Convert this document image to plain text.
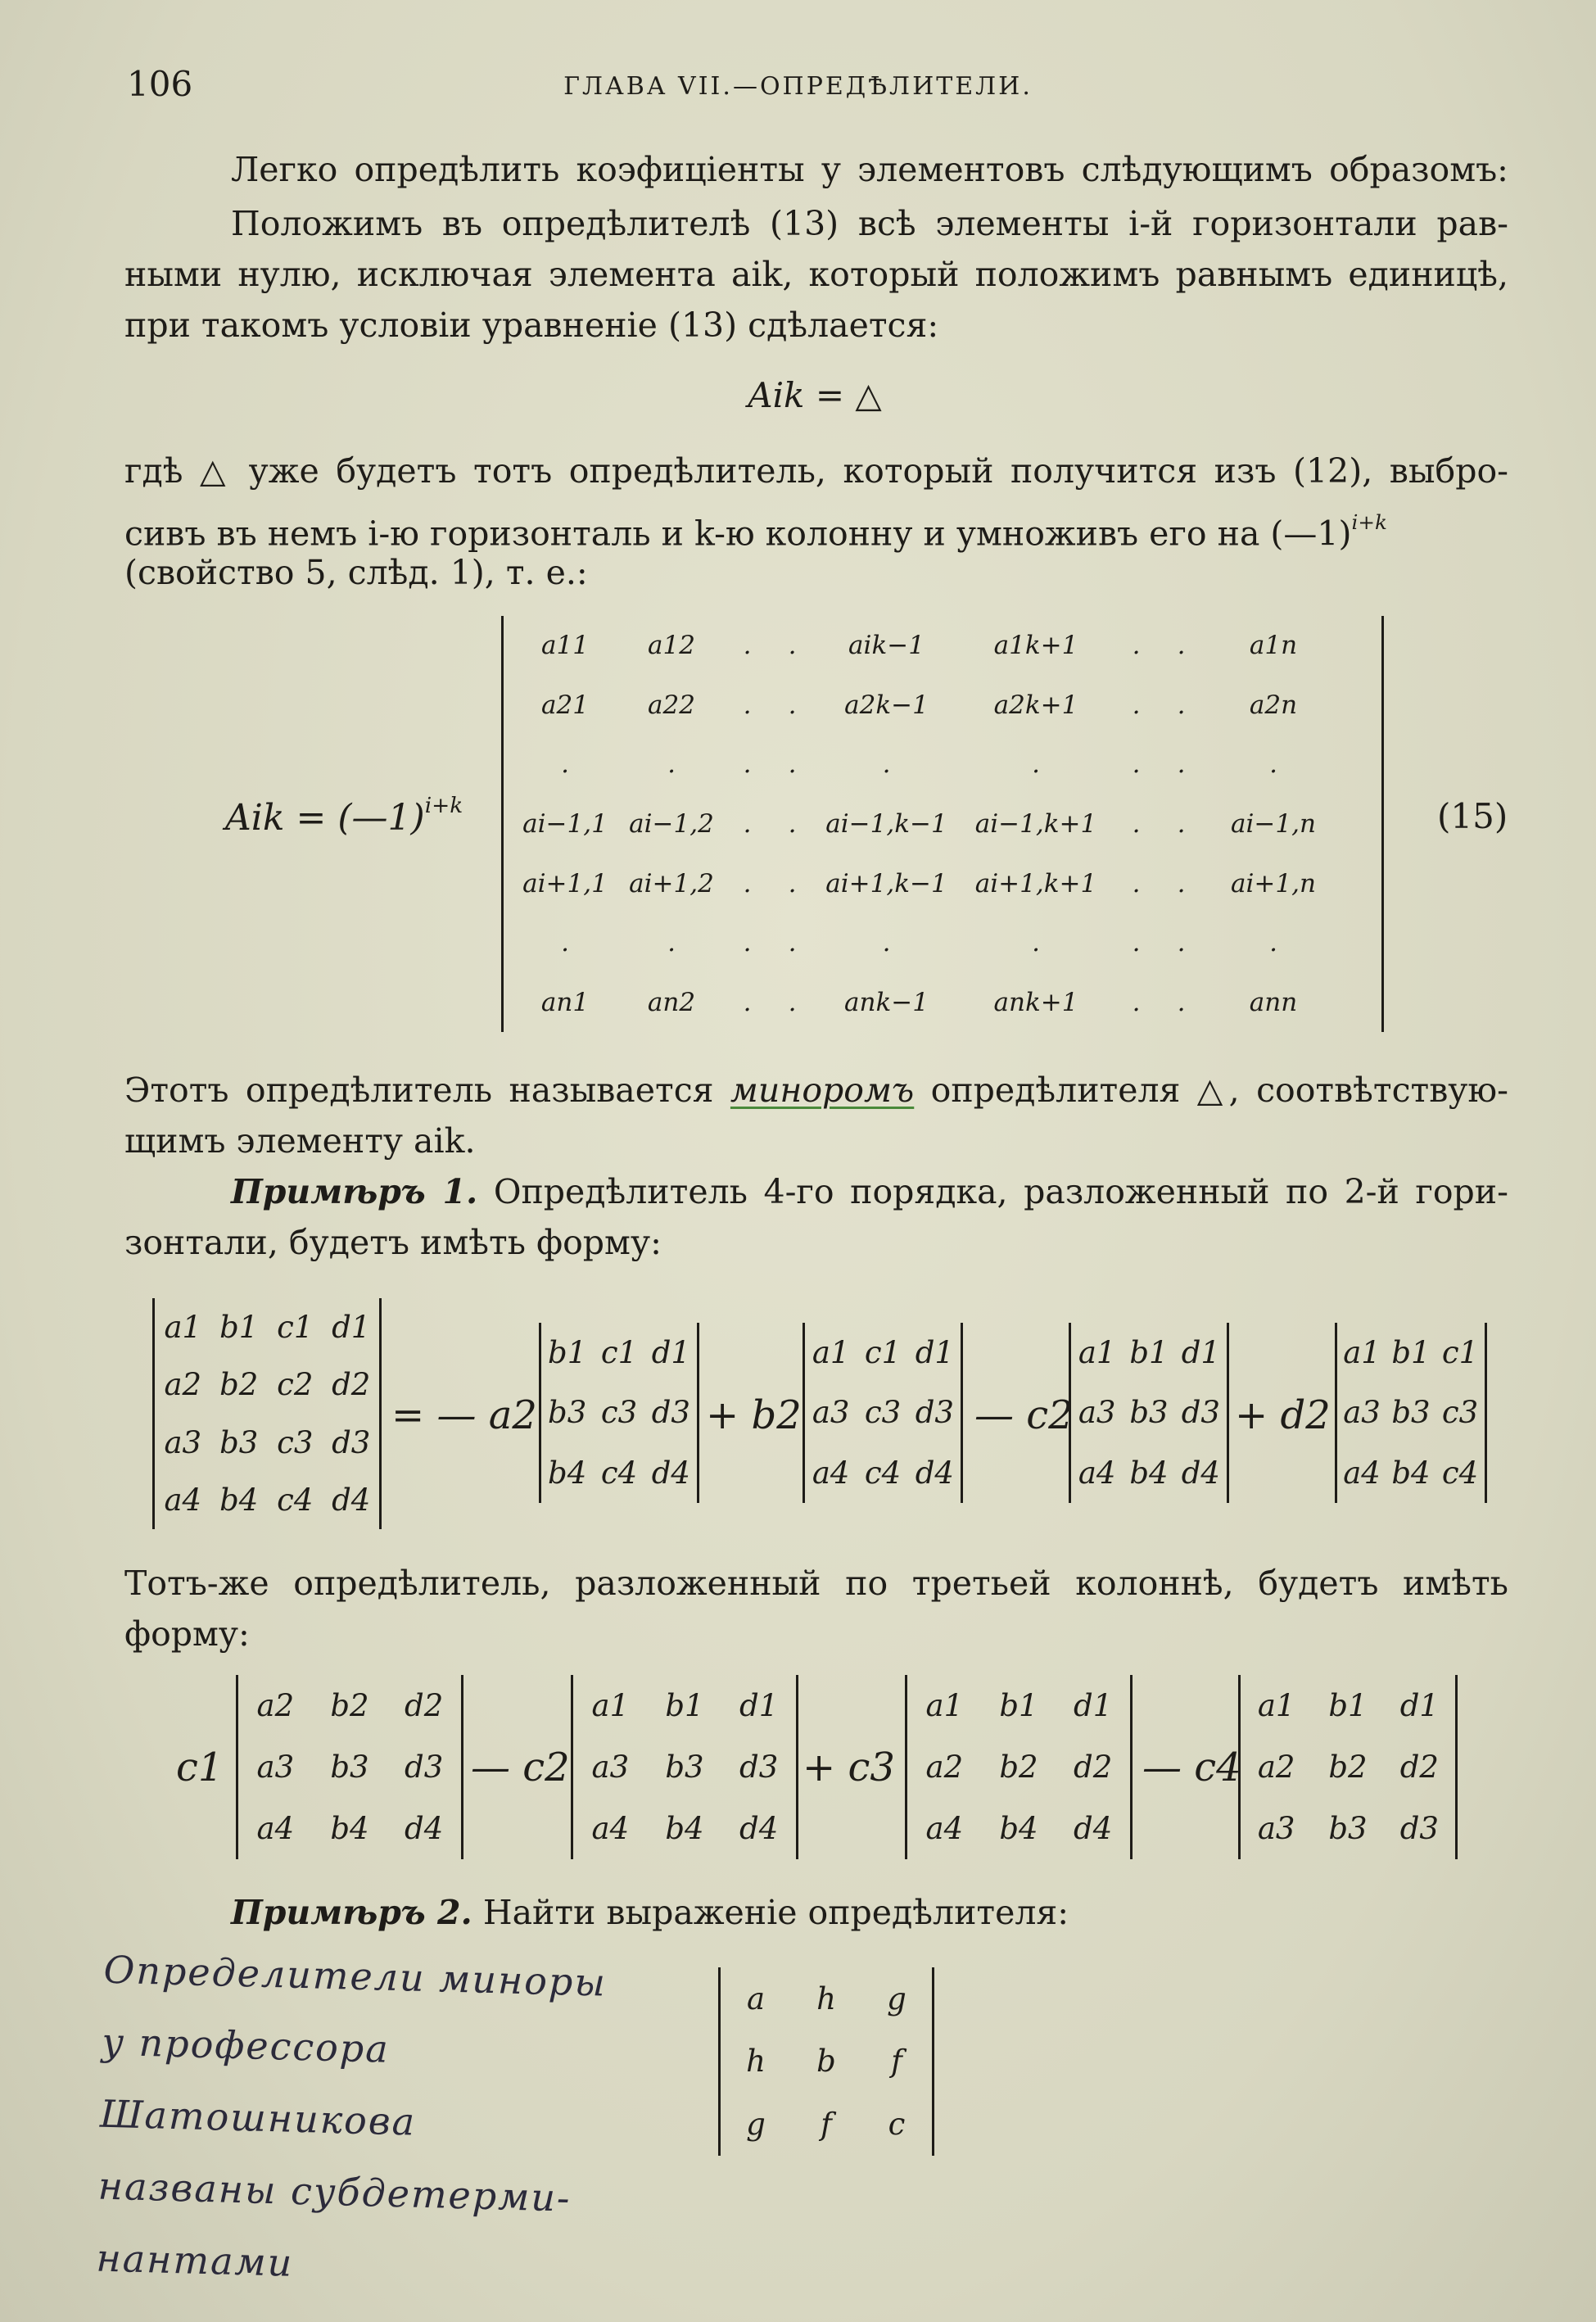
106	ГЛАВА VII.—ОПРЕДѢЛИТЕЛИ.
Легко опредѣлить коэфиціенты у элементовъ слѣдующимъ образомъ:
Положимъ въ опредѣлителѣ (13) всѣ элементы i-й горизонтали рав-
ными нулю, исключая элемента aik, который положимъ равнымъ единицѣ,
при такомъ условіи уравненіе (13) сдѣлается:
Aik = △
гдѣ △ уже будетъ тотъ опредѣлитель, который получится изъ (12), выбро-
сивъ въ немъ i-ю горизонталь и k-ю колонну и умноживъ его на (—1)$^{i+k}$
(свойство 5, слѣд. 1), т. е.:
Aik = (—1)$^{i+k}$	(15)
a11 a12 . . aik−1	a1k+1 . .	a1n
a21 a22 . . a2k−1	a2k+1 . .	a2n
.	.	. .	.	.	. .	.
ai−1,1 ai−1,2 . . ai−1,k−1 ai−1,k+1 . . ai−1,n
ai+1,1 ai+1,2 . . ai+1,k−1 ai+1,k+1 . . ai+1,n
.	.	. .	.	.	. .	.
an1 an2 . . ank−1	ank+1 . .	ann
Этотъ опредѣлитель называется миноромъ опредѣлителя △, соотвѣтствую-
щимъ элементу aik.
Примѣръ 1. Опредѣлитель 4-го порядка, разложенный по 2-й гори-
зонтали, будетъ имѣть форму:
a1 b1 c1 d1
a2 b2 c2 d2
a3 b3 c3 d3
a4 b4 c4 d4
= — a2
b1 c1 d1
b3 c3 d3
b4 c4 d4
+ b2
a1 c1 d1
a3 c3 d3
a4 c4 d4
— c2
a1 b1 d1
a3 b3 d3
a4 b4 d4
+ d2
a1 b1 c1
a3 b3 c3
a4 b4 c4
Тотъ-же опредѣлитель, разложенный по третьей колоннѣ, будетъ имѣть
форму:
c1
a2 b2 d2
a3 b3 d3
a4 b4 d4
— c2
a1 b1 d1
a3 b3 d3
a4 b4 d4
+ c3
a1 b1 d1
a2 b2 d2
a4 b4 d4
— c4
a1 b1 d1
a2 b2 d2
a3 b3 d3
Примѣръ 2. Найти выраженіе опредѣлителя:
a h g
h b f
g f c
Определители миноры
у профессора Шатошникова
названы субдетерми-
нантами
